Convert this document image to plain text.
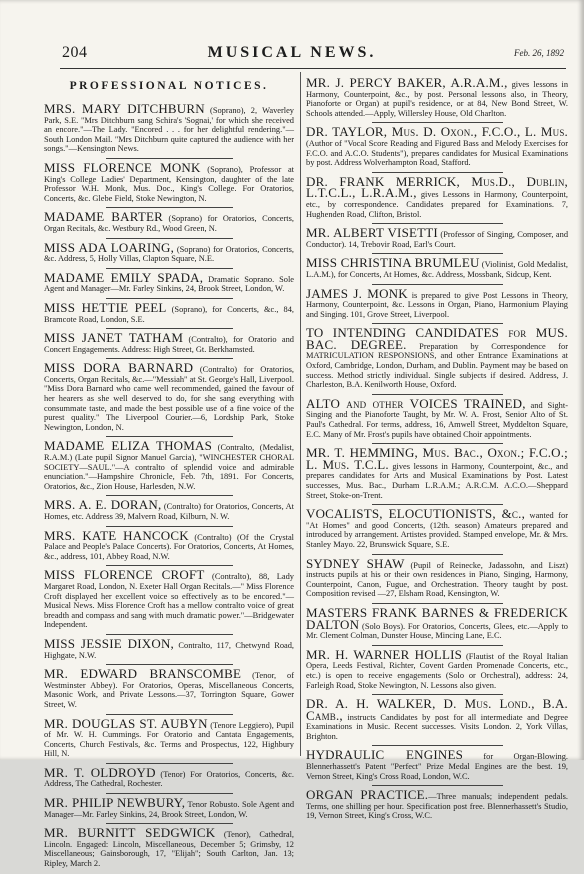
204	MUSICAL NEWS.	Feb. 26, 1892
PROFESSIONAL NOTICES.
MRS. MARY DITCHBURN (Soprano), 2, Waverley Park, S.E. "Mrs Ditchburn sang Schira's 'Sognai,' for which she received an encore."—The Lady. "Encored . . . for her delightful rendering."—South London Mail. "Mrs Ditchburn quite captured the audience with her songs."—Kensington News.
MISS FLORENCE MONK (Soprano), Professor at King's College Ladies' Department, Kensington, daughter of the late Professor W.H. Monk, Mus. Doc., King's College. For Oratorios, Concerts, &c. Glebe Field, Stoke Newington, N.
MADAME BARTER (Soprano) for Oratorios, Concerts, Organ Recitals, &c. Westbury Rd., Wood Green, N.
MISS ADA LOARING, (Soprano) for Oratorios, Concerts, &c. Address, 5, Holly Villas, Clapton Square, N.E.
MADAME EMILY SPADA, Dramatic Soprano. Sole Agent and Manager—Mr. Farley Sinkins, 24, Brook Street, London, W.
MISS HETTIE PEEL (Soprano), for Concerts, &c., 84, Bramcote Road, London, S.E.
MISS JANET TATHAM (Contralto), for Oratorio and Concert Engagements. Address: High Street, Gt. Berkhamsted.
MISS DORA BARNARD (Contralto) for Oratorios, Concerts, Organ Recitals, &c.—"Messiah" at St. George's Hall, Liverpool. "Miss Dora Barnard who came well recommended, gained the favour of her hearers as she well deserved to do, for she sang everything with consummate taste, and made the best possible use of a fine voice of the purest quality." The Liverpool Courier.—6, Lordship Park, Stoke Newington, London, N.
MADAME ELIZA THOMAS (Contralto, (Medalist, R.A.M.) (Late pupil Signor Manuel Garcia), "WINCHESTER CHORAL SOCIETY—SAUL."—A contralto of splendid voice and admirable enunciation."—Hampshire Chronicle, Feb. 7th, 1891. For Concerts, Oratorios, &c., Zion House, Harlesden, N.W.
MRS. A. E. DORAN, (Contralto) for Oratorios, Concerts, At Homes, etc. Address 39, Malvern Road, Kilburn, N. W.
MRS. KATE HANCOCK (Contralto) (Of the Crystal Palace and People's Palace Concerts). For Oratorios, Concerts, At Homes, &c., address, 101, Abbey Road, N.W.
MISS FLORENCE CROFT (Contralto), 88, Lady Margaret Road, London, N. Exeter Hall Organ Recitals.—" Miss Florence Croft displayed her excellent voice so effectively as to be encored."—Musical News. Miss Florence Croft has a mellow contralto voice of great breadth and compass and sang with much dramatic power."—Bridgewater Independent.
MISS JESSIE DIXON, Contralto, 117, Chetwynd Road, Highgate, N.W.
MR. EDWARD BRANSCOMBE (Tenor, of Westminster Abbey). For Oratorios, Operas, Miscellaneous Concerts, Masonic Work, and Private Lessons.—37, Torrington Square, Gower Street, W.
MR. DOUGLAS ST. AUBYN (Tenore Leggiero), Pupil of Mr. W. H. Cummings. For Oratorio and Cantata Engagements, Concerts, Church Festivals, &c. Terms and Prospectus, 122, Highbury Hill, N.
MR. T. OLDROYD (Tenor) For Oratorios, Concerts, &c. Address, The Cathedral, Rochester.
MR. PHILIP NEWBURY, Tenor Robusto. Sole Agent and Manager—Mr. Farley Sinkins, 24, Brook Street, London, W.
MR. BURNITT SEDGWICK (Tenor), Cathedral, Lincoln. Engaged: Lincoln, Miscellaneous, December 5; Grimsby, 12 Miscellaneous; Gainsborough, 17, "Elijah"; South Carlton, Jan. 13; Ripley, March 2.
MR. J. PERCY BAKER, A.R.A.M., gives lessons in Harmony, Counterpoint, &c., by post. Personal lessons also, in Theory, Pianoforte or Organ) at pupil's residence, or at 84, New Bond Street, W. Schools attended.—Apply, Willersley House, Old Charlton.
DR. TAYLOR, Mus. D. Oxon., F.C.O., L. Mus. (Author of "Vocal Score Reading and Figured Bass and Melody Exercises for F.C.O. and A.C.O. Students"), prepares candidates for Musical Examinations by post. Address Wolverhampton Road, Stafford.
DR. FRANK MERRICK, Mus.D., Dublin, L.T.C.L., L.R.A.M., gives Lessons in Harmony, Counterpoint, etc., by correspondence. Candidates prepared for Examinations. 7, Hughenden Road, Clifton, Bristol.
MR. ALBERT VISETTI (Professor of Singing, Composer, and Conductor). 14, Trebovir Road, Earl's Court.
MISS CHRISTINA BRUMLEU (Violinist, Gold Medalist, L.A.M.), for Concerts, At Homes, &c. Address, Mossbank, Sidcup, Kent.
JAMES J. MONK is prepared to give Post Lessons in Theory, Harmony, Counterpoint, &c. Lessons in Organ, Piano, Harmonium Playing and Singing. 101, Grove Street, Liverpool.
TO INTENDING CANDIDATES for MUS. BAC. DEGREE. Preparation by Correspondence for MATRICULATION RESPONSIONS, and other Entrance Examinations at Oxford, Cambridge, London, Durham, and Dublin. Payment may be based on success. Method strictly individual. Single subjects if desired. Address, J. Charleston, B.A. Kenilworth House, Oxford.
ALTO and other VOICES TRAINED, and Sight-Singing and the Pianoforte Taught, by Mr. W. A. Frost, Senior Alto of St. Paul's Cathedral. For terms, address, 16, Amwell Street, Myddelton Square, E.C. Many of Mr. Frost's pupils have obtained Choir appointments.
MR. T. HEMMING, Mus. Bac., Oxon.; F.C.O.; L. Mus. T.C.L. gives lessons in Harmony, Counterpoint, &c., and prepares candidates for Arts and Musical Examinations by Post. Latest successes, Mus. Bac., Durham L.R.A.M.; A.R.C.M. A.C.O.—Sheppard Street, Stoke-on-Trent.
VOCALISTS, ELOCUTIONISTS, &c., wanted for "At Homes" and good Concerts, (12th. season) Amateurs prepared and introduced by arrangement. Artistes provided. Stamped envelope, Mr. & Mrs. Stanley Mayo. 22, Brunswick Square, S.E.
SYDNEY SHAW (Pupil of Reinecke, Jadassohn, and Liszt) instructs pupils at his or their own residences in Piano, Singing, Harmony, Counterpoint, Canon, Fugue, and Orchestration. Theory taught by post. Composition revised —27, Elsham Road, Kensington, W.
MASTERS FRANK BARNES & FREDERICK DALTON (Solo Boys). For Oratorios, Concerts, Glees, etc.—Apply to Mr. Clement Colman, Dunster House, Mincing Lane, E.C.
MR. H. WARNER HOLLIS (Flautist of the Royal Italian Opera, Leeds Festival, Richter, Covent Garden Promenade Concerts, etc., etc.) is open to receive engagements (Solo or Orchestral), address: 24, Farleigh Road, Stoke Newington, N. Lessons also given.
DR. A. H. WALKER, D. Mus. Lond., B.A. Camb., instructs Candidates by post for all intermediate and Degree Examinations in Music. Recent successes. Visits London. 2, York Villas, Brighton.
HYDRAULIC ENGINES for Organ-Blowing. Blennerhassett's Patent "Perfect" Prize Medal Engines are the best. 19, Vernon Street, King's Cross Road, London, W.C.
ORGAN PRACTICE.—Three manuals; independent pedals. Terms, one shilling per hour. Specification post free. Blennerhassett's Studio, 19, Vernon Street, King's Cross, W.C.
